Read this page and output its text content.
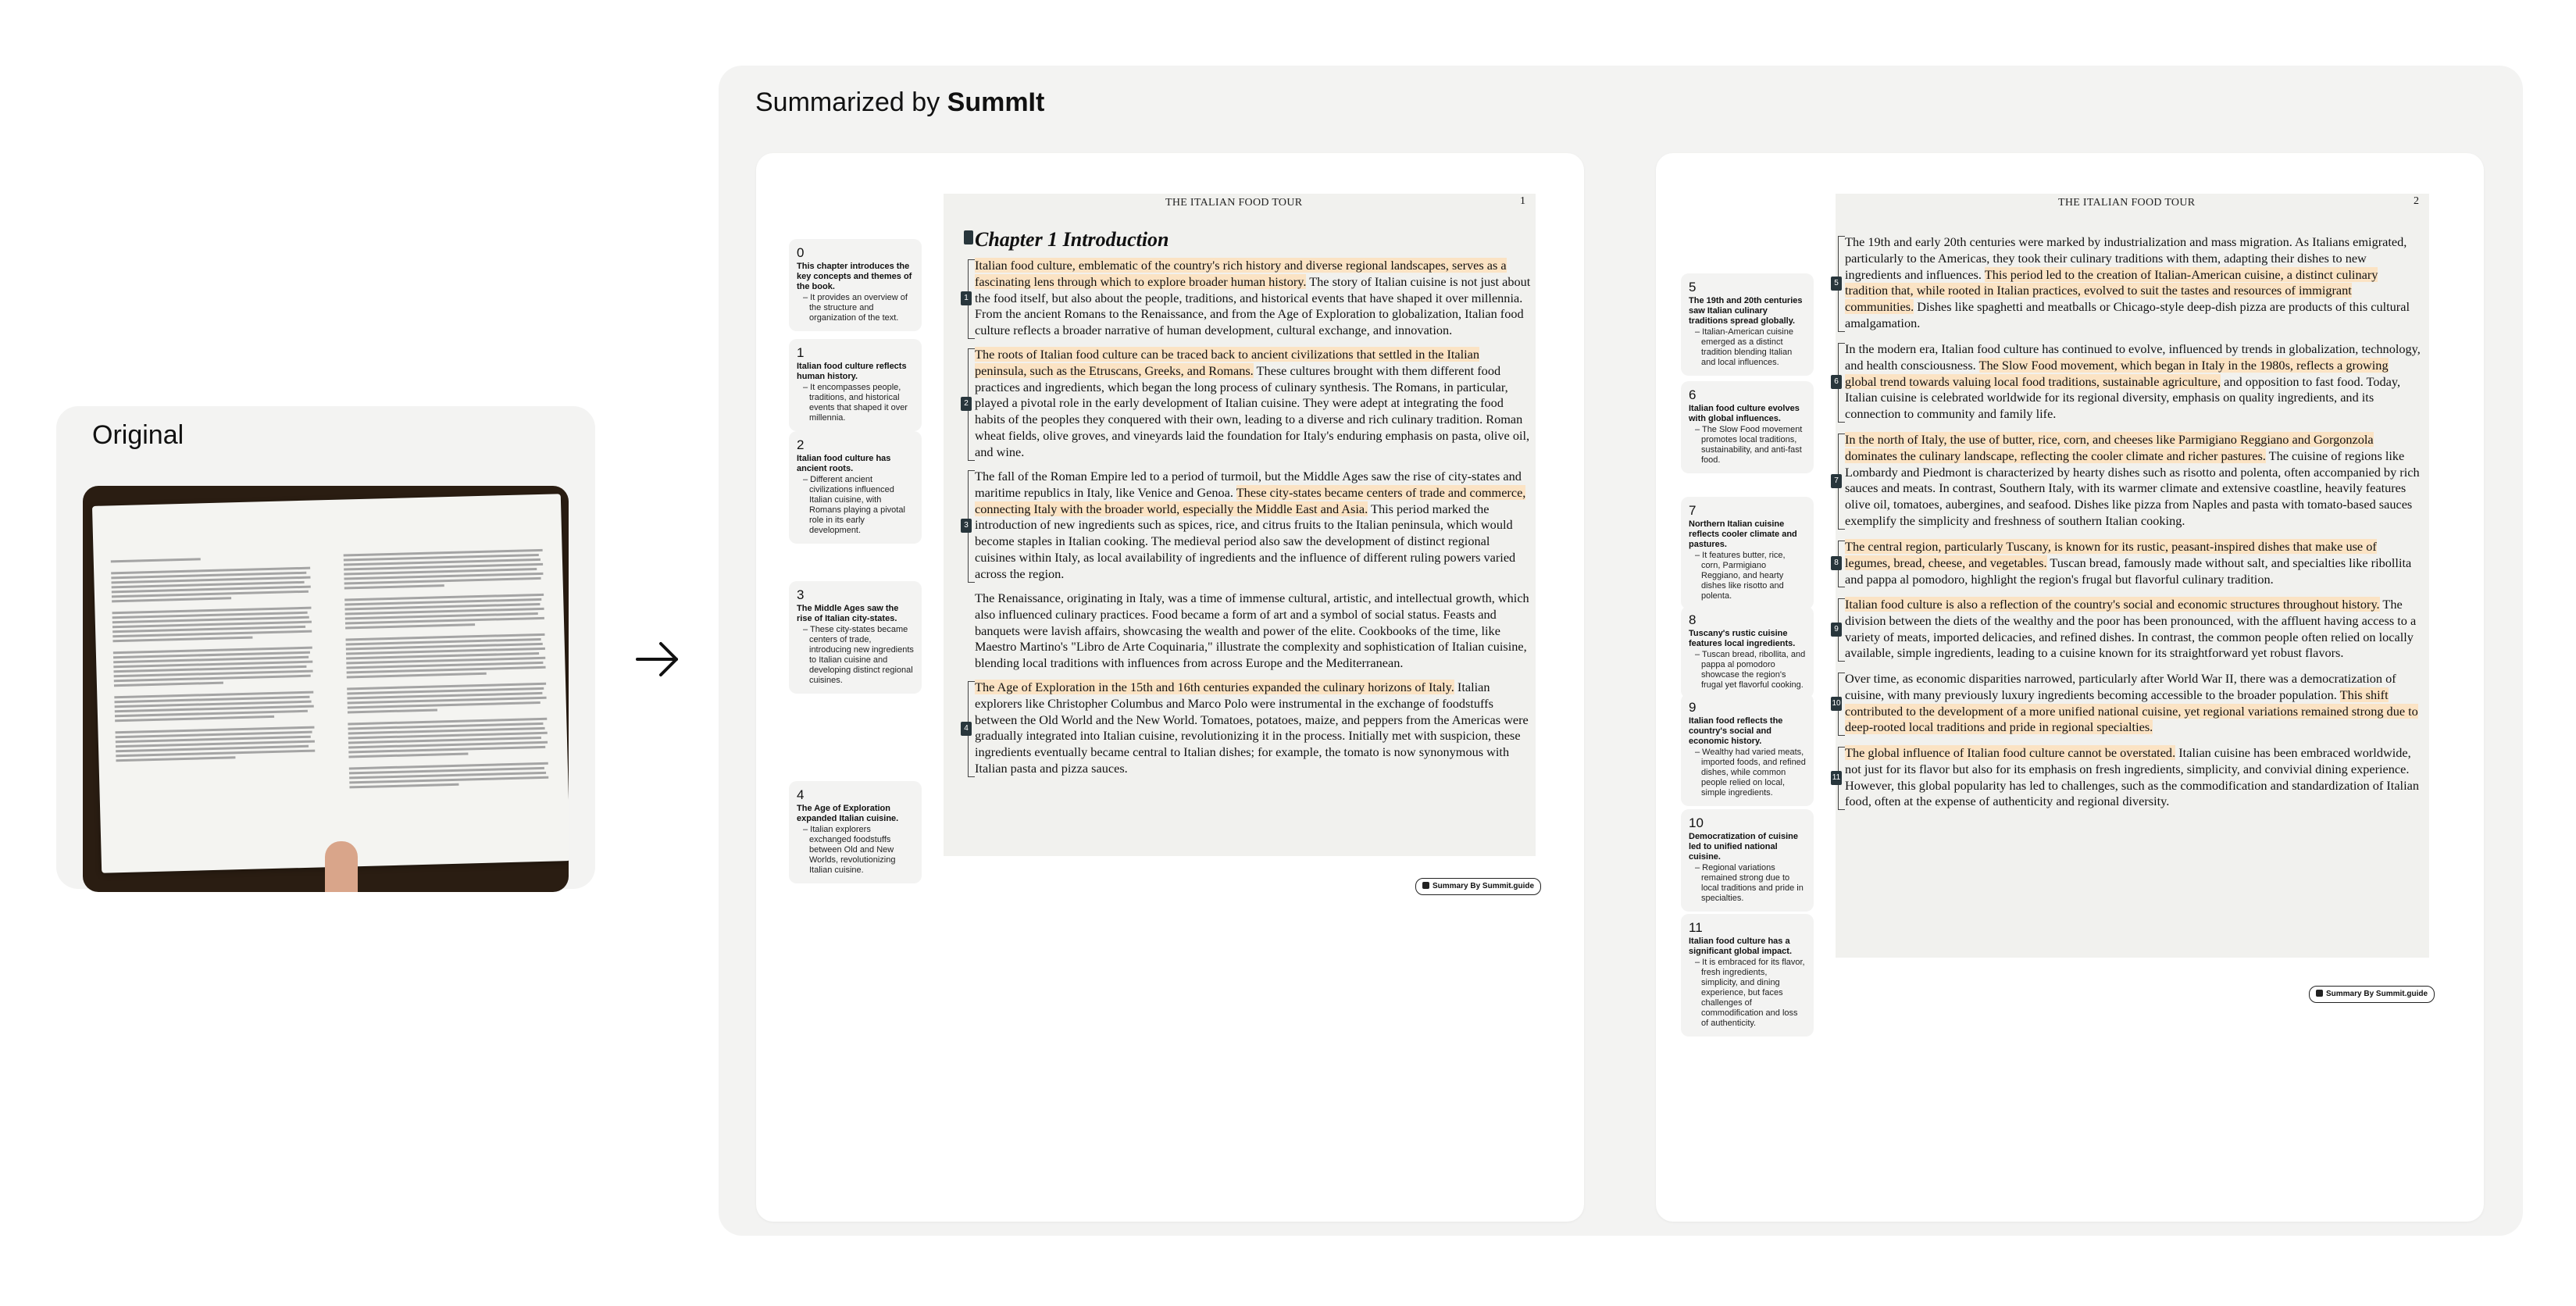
Original
Summarized by SummIt
THE ITALIAN FOOD TOUR	1
Chapter 1 Introduction
Italian food culture, emblematic of the country's rich history and diverse regional landscapes, serves as a fascinating lens through which to explore broader human history. The story of Italian cuisine is not just about the food itself, but also about the people, traditions, and historical events that have shaped it over millennia. From the ancient Romans to the Renaissance, and from the Age of Exploration to globalization, Italian food culture reflects a broader narrative of human development, cultural exchange, and innovation.
1
The roots of Italian food culture can be traced back to ancient civilizations that settled in the Italian peninsula, such as the Etruscans, Greeks, and Romans. These cultures brought with them different food practices and ingredients, which began the long process of culinary synthesis. The Romans, in particular, played a pivotal role in the early development of Italian cuisine. They were adept at integrating the food habits of the peoples they conquered with their own, leading to a diverse and rich culinary tradition. Roman wheat fields, olive groves, and vineyards laid the foundation for Italy's enduring emphasis on pasta, olive oil, and wine.
2
The fall of the Roman Empire led to a period of turmoil, but the Middle Ages saw the rise of city-states and maritime republics in Italy, like Venice and Genoa. These city-states became centers of trade and commerce, connecting Italy with the broader world, especially the Middle East and Asia. This period marked the introduction of new ingredients such as spices, rice, and citrus fruits to the Italian peninsula, which would become staples in Italian cooking. The medieval period also saw the development of distinct regional cuisines within Italy, as local availability of ingredients and the influence of different ruling powers varied across the region.
3
The Renaissance, originating in Italy, was a time of immense cultural, artistic, and intellectual growth, which also influenced culinary practices. Food became a form of art and a symbol of social status. Feasts and banquets were lavish affairs, showcasing the wealth and power of the elite. Cookbooks of the time, like Maestro Martino's "Libro de Arte Coquinaria," illustrate the complexity and sophistication of Italian cuisine, blending local traditions with influences from across Europe and the Mediterranean.
The Age of Exploration in the 15th and 16th centuries expanded the culinary horizons of Italy. Italian explorers like Christopher Columbus and Marco Polo were instrumental in the exchange of foodstuffs between the Old World and the New World. Tomatoes, potatoes, maize, and peppers from the Americas were gradually integrated into Italian cuisine, revolutionizing it in the process. Initially met with suspicion, these ingredients eventually became central to Italian dishes; for example, the tomato is now synonymous with Italian pasta and pizza sauces.
4
0
This chapter introduces the key concepts and themes of the book.
– It provides an overview of the structure and organization of the text.
1
Italian food culture reflects human history.
– It encompasses people, traditions, and historical events that shaped it over millennia.
2
Italian food culture has ancient roots.
– Different ancient civilizations influenced Italian cuisine, with Romans playing a pivotal role in its early development.
3
The Middle Ages saw the rise of Italian city-states.
– These city-states became centers of trade, introducing new ingredients to Italian cuisine and developing distinct regional cuisines.
4
The Age of Exploration expanded Italian cuisine.
– Italian explorers exchanged foodstuffs between Old and New Worlds, revolutionizing Italian cuisine.
Summary By Summit.guide
THE ITALIAN FOOD TOUR	2
The 19th and early 20th centuries were marked by industrialization and mass migration. As Italians emigrated, particularly to the Americas, they took their culinary traditions with them, adapting their dishes to new ingredients and influences. This period led to the creation of Italian-American cuisine, a distinct culinary tradition that, while rooted in Italian practices, evolved to suit the tastes and resources of immigrant communities. Dishes like spaghetti and meatballs or Chicago-style deep-dish pizza are products of this cultural amalgamation.
5
In the modern era, Italian food culture has continued to evolve, influenced by trends in globalization, technology, and health consciousness. The Slow Food movement, which began in Italy in the 1980s, reflects a growing global trend towards valuing local food traditions, sustainable agriculture, and opposition to fast food. Today, Italian cuisine is celebrated worldwide for its regional diversity, emphasis on quality ingredients, and its connection to community and family life.
6
In the north of Italy, the use of butter, rice, corn, and cheeses like Parmigiano Reggiano and Gorgonzola dominates the culinary landscape, reflecting the cooler climate and richer pastures. The cuisine of regions like Lombardy and Piedmont is characterized by hearty dishes such as risotto and polenta, often accompanied by rich sauces and meats. In contrast, Southern Italy, with its warmer climate and extensive coastline, heavily features olive oil, tomatoes, aubergines, and seafood. Dishes like pizza from Naples and pasta with tomato-based sauces exemplify the simplicity and freshness of southern Italian cooking.
7
The central region, particularly Tuscany, is known for its rustic, peasant-inspired dishes that make use of legumes, bread, cheese, and vegetables. Tuscan bread, famously made without salt, and specialties like ribollita and pappa al pomodoro, highlight the region's frugal but flavorful culinary tradition.
8
Italian food culture is also a reflection of the country's social and economic structures throughout history. The division between the diets of the wealthy and the poor has been pronounced, with the affluent having access to a variety of meats, imported delicacies, and refined dishes. In contrast, the common people often relied on locally available, simple ingredients, leading to a cuisine known for its straightforward yet robust flavors.
9
Over time, as economic disparities narrowed, particularly after World War II, there was a democratization of cuisine, with many previously luxury ingredients becoming accessible to the broader population. This shift contributed to the development of a more unified national cuisine, yet regional variations remained strong due to deep-rooted local traditions and pride in regional specialties.
10
The global influence of Italian food culture cannot be overstated. Italian cuisine has been embraced worldwide, not just for its flavor but also for its emphasis on fresh ingredients, simplicity, and convivial dining experience. However, this global popularity has led to challenges, such as the commodification and standardization of Italian food, often at the expense of authenticity and regional diversity.
11
5
The 19th and 20th centuries saw Italian culinary traditions spread globally.
– Italian-American cuisine emerged as a distinct tradition blending Italian and local influences.
6
Italian food culture evolves with global influences.
– The Slow Food movement promotes local traditions, sustainability, and anti-fast food.
7
Northern Italian cuisine reflects cooler climate and pastures.
– It features butter, rice, corn, Parmigiano Reggiano, and hearty dishes like risotto and polenta.
8
Tuscany's rustic cuisine features local ingredients.
– Tuscan bread, ribollita, and pappa al pomodoro showcase the region's frugal yet flavorful cooking.
9
Italian food reflects the country's social and economic history.
– Wealthy had varied meats, imported foods, and refined dishes, while common people relied on local, simple ingredients.
10
Democratization of cuisine led to unified national cuisine.
– Regional variations remained strong due to local traditions and pride in specialties.
11
Italian food culture has a significant global impact.
– It is embraced for its flavor, fresh ingredients, simplicity, and dining experience, but faces challenges of commodification and loss of authenticity.
Summary By Summit.guide
